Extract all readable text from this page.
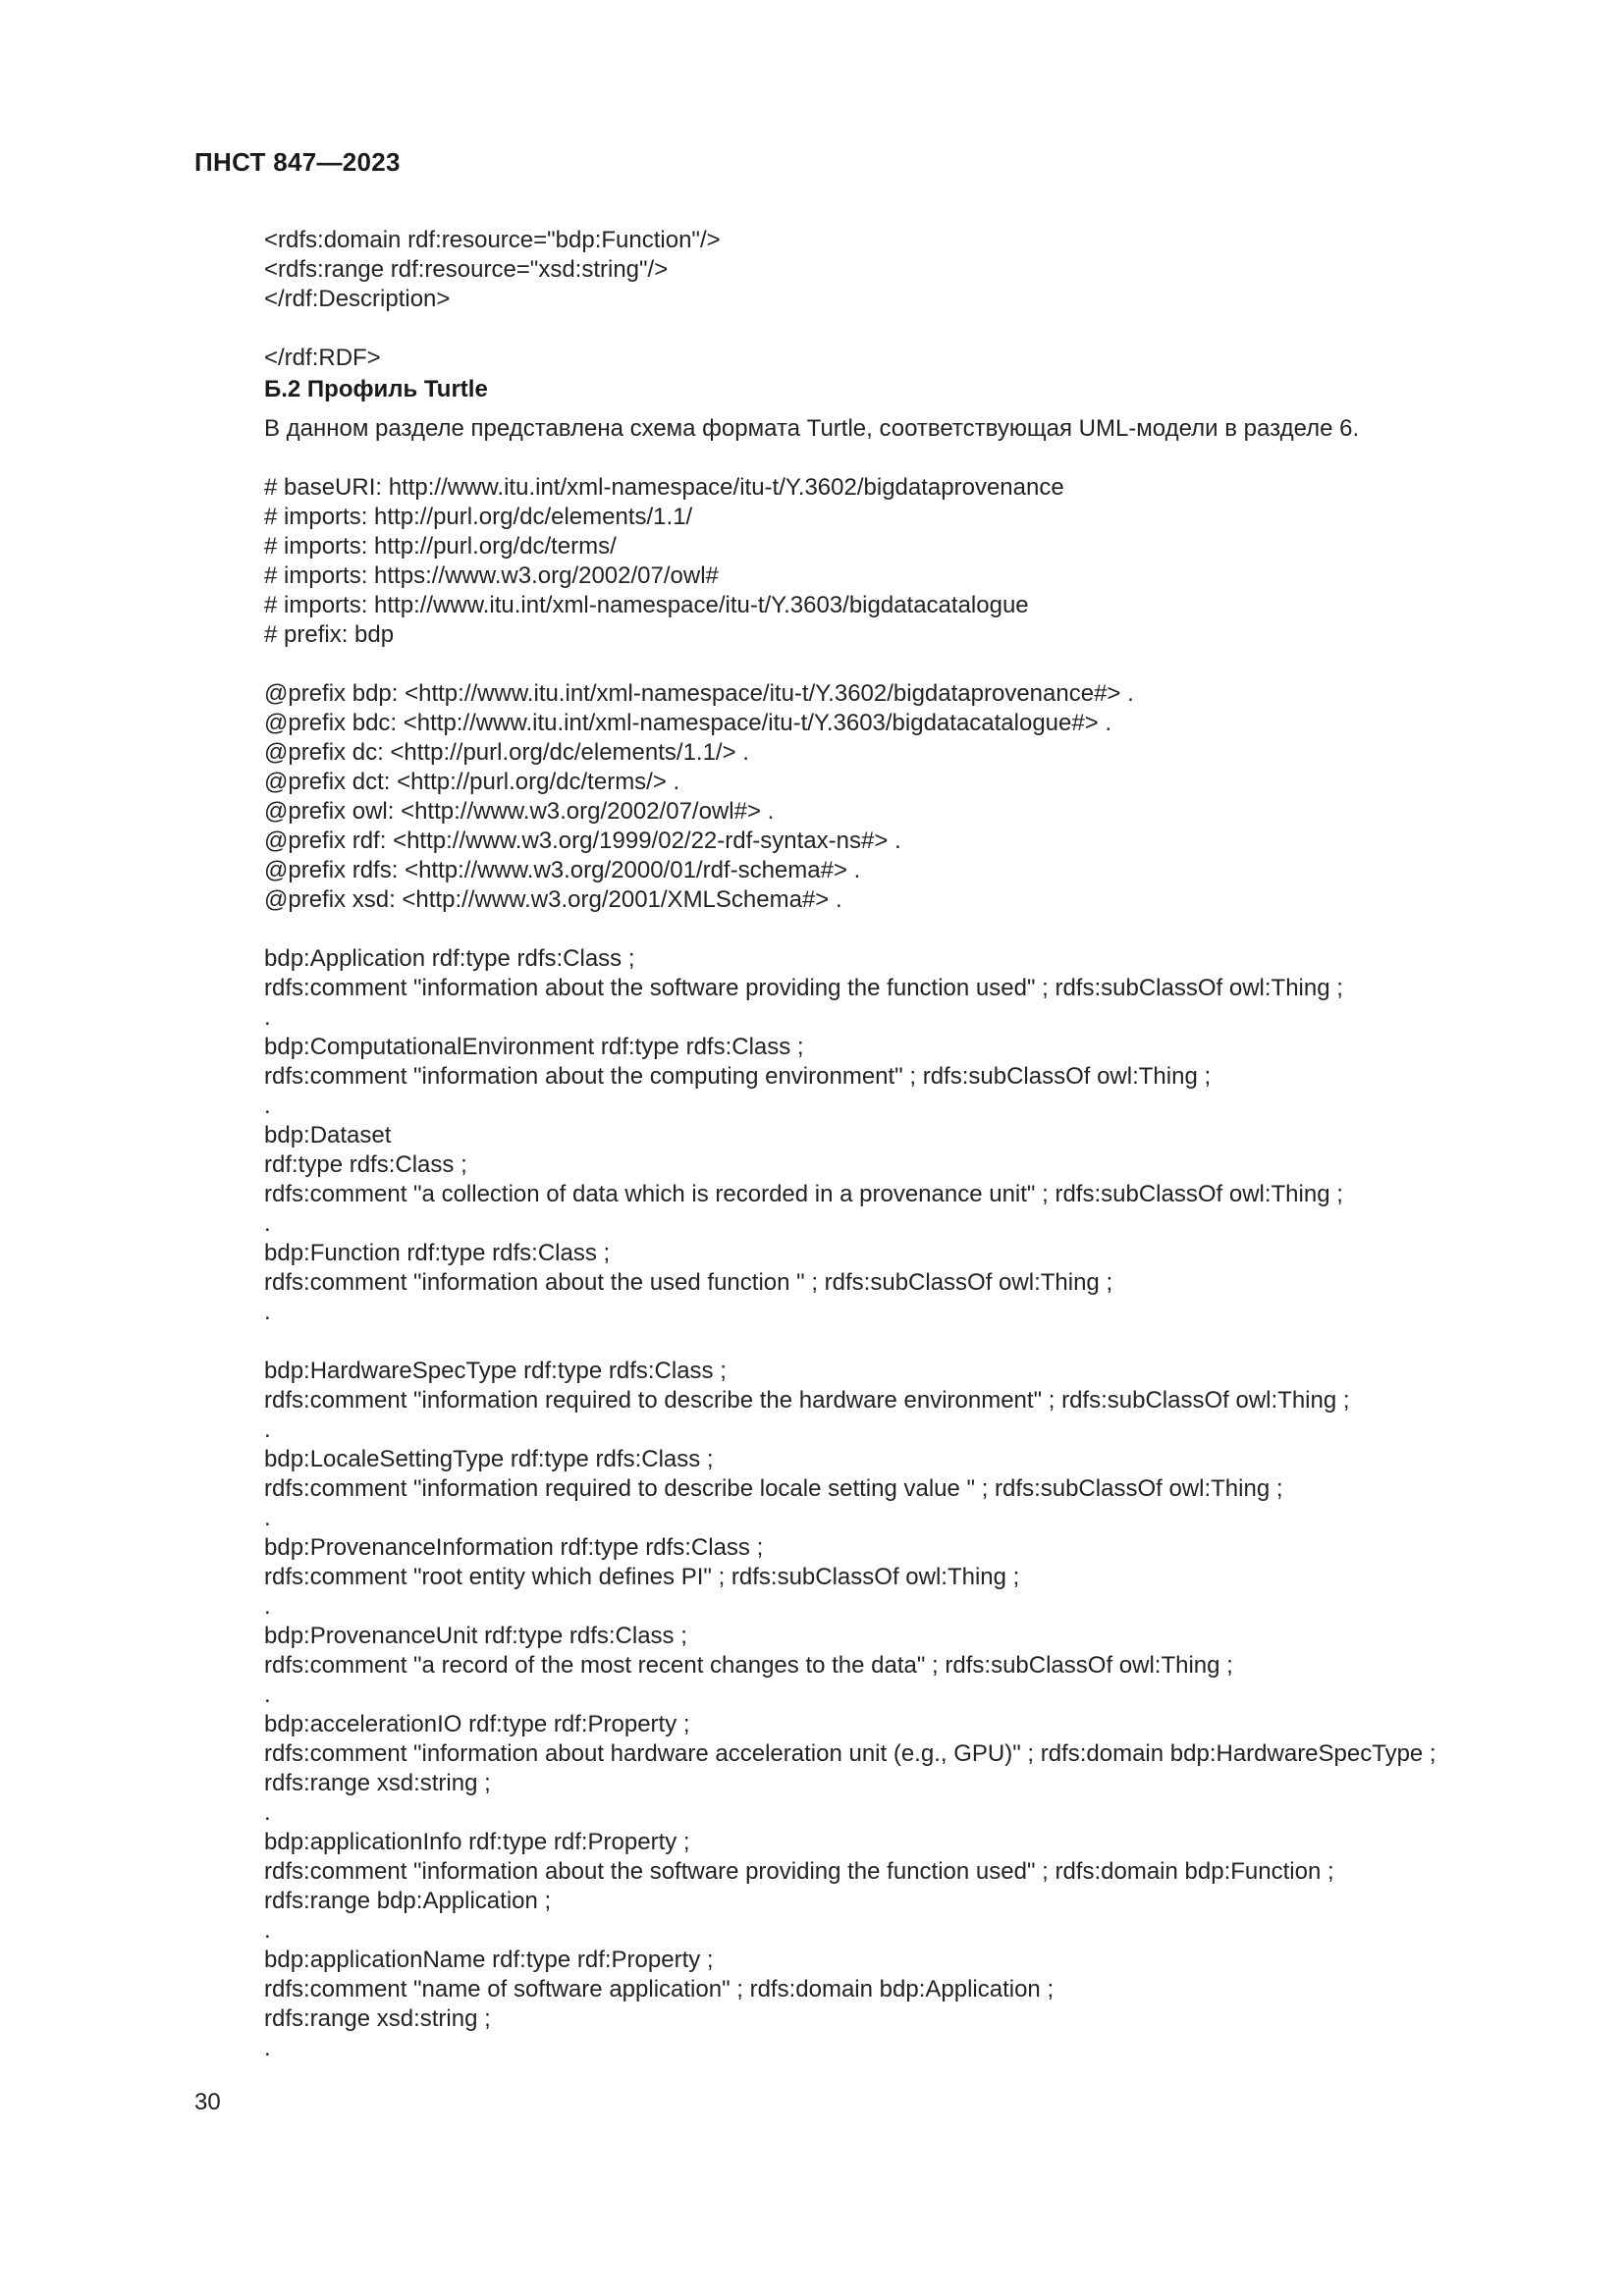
ПНСТ 847—2023
<rdfs:domain rdf:resource="bdp:Function"/>
<rdfs:range rdf:resource="xsd:string"/>
</rdf:Description>
</rdf:RDF>
Б.2 Профиль Turtle
В данном разделе представлена схема формата Turtle, соответствующая UML-модели в разделе 6.
# baseURI: http://www.itu.int/xml-namespace/itu-t/Y.3602/bigdataprovenance
# imports: http://purl.org/dc/elements/1.1/
# imports: http://purl.org/dc/terms/
# imports: https://www.w3.org/2002/07/owl#
# imports: http://www.itu.int/xml-namespace/itu-t/Y.3603/bigdatacatalogue
# prefix: bdp
@prefix bdp: <http://www.itu.int/xml-namespace/itu-t/Y.3602/bigdataprovenance#> .
@prefix bdc: <http://www.itu.int/xml-namespace/itu-t/Y.3603/bigdatacatalogue#> .
@prefix dc: <http://purl.org/dc/elements/1.1/> .
@prefix dct: <http://purl.org/dc/terms/> .
@prefix owl: <http://www.w3.org/2002/07/owl#> .
@prefix rdf: <http://www.w3.org/1999/02/22-rdf-syntax-ns#> .
@prefix rdfs: <http://www.w3.org/2000/01/rdf-schema#> .
@prefix xsd: <http://www.w3.org/2001/XMLSchema#> .
bdp:Application rdf:type rdfs:Class ;
rdfs:comment "information about the software providing the function used" ; rdfs:subClassOf owl:Thing ;
.
bdp:ComputationalEnvironment rdf:type rdfs:Class ;
rdfs:comment "information about the computing environment" ; rdfs:subClassOf owl:Thing ;
.
bdp:Dataset
rdf:type rdfs:Class ;
rdfs:comment "a collection of data which is recorded in a provenance unit" ; rdfs:subClassOf owl:Thing ;
.
bdp:Function rdf:type rdfs:Class ;
rdfs:comment "information about the used function " ; rdfs:subClassOf owl:Thing ;
.
bdp:HardwareSpecType rdf:type rdfs:Class ;
rdfs:comment "information required to describe the hardware environment" ; rdfs:subClassOf owl:Thing ;
.
bdp:LocaleSettingType rdf:type rdfs:Class ;
rdfs:comment "information required to describe locale setting value " ; rdfs:subClassOf owl:Thing ;
.
bdp:ProvenanceInformation rdf:type rdfs:Class ;
rdfs:comment "root entity which defines PI" ; rdfs:subClassOf owl:Thing ;
.
bdp:ProvenanceUnit rdf:type rdfs:Class ;
rdfs:comment "a record of the most recent changes to the data" ; rdfs:subClassOf owl:Thing ;
.
bdp:accelerationIO rdf:type rdf:Property ;
rdfs:comment "information about hardware acceleration unit (e.g., GPU)" ; rdfs:domain bdp:HardwareSpecType ;
rdfs:range xsd:string ;
.
bdp:applicationInfo rdf:type rdf:Property ;
rdfs:comment "information about the software providing the function used" ; rdfs:domain bdp:Function ;
rdfs:range bdp:Application ;
.
bdp:applicationName rdf:type rdf:Property ;
rdfs:comment "name of software application" ; rdfs:domain bdp:Application ;
rdfs:range xsd:string ;
.
30
